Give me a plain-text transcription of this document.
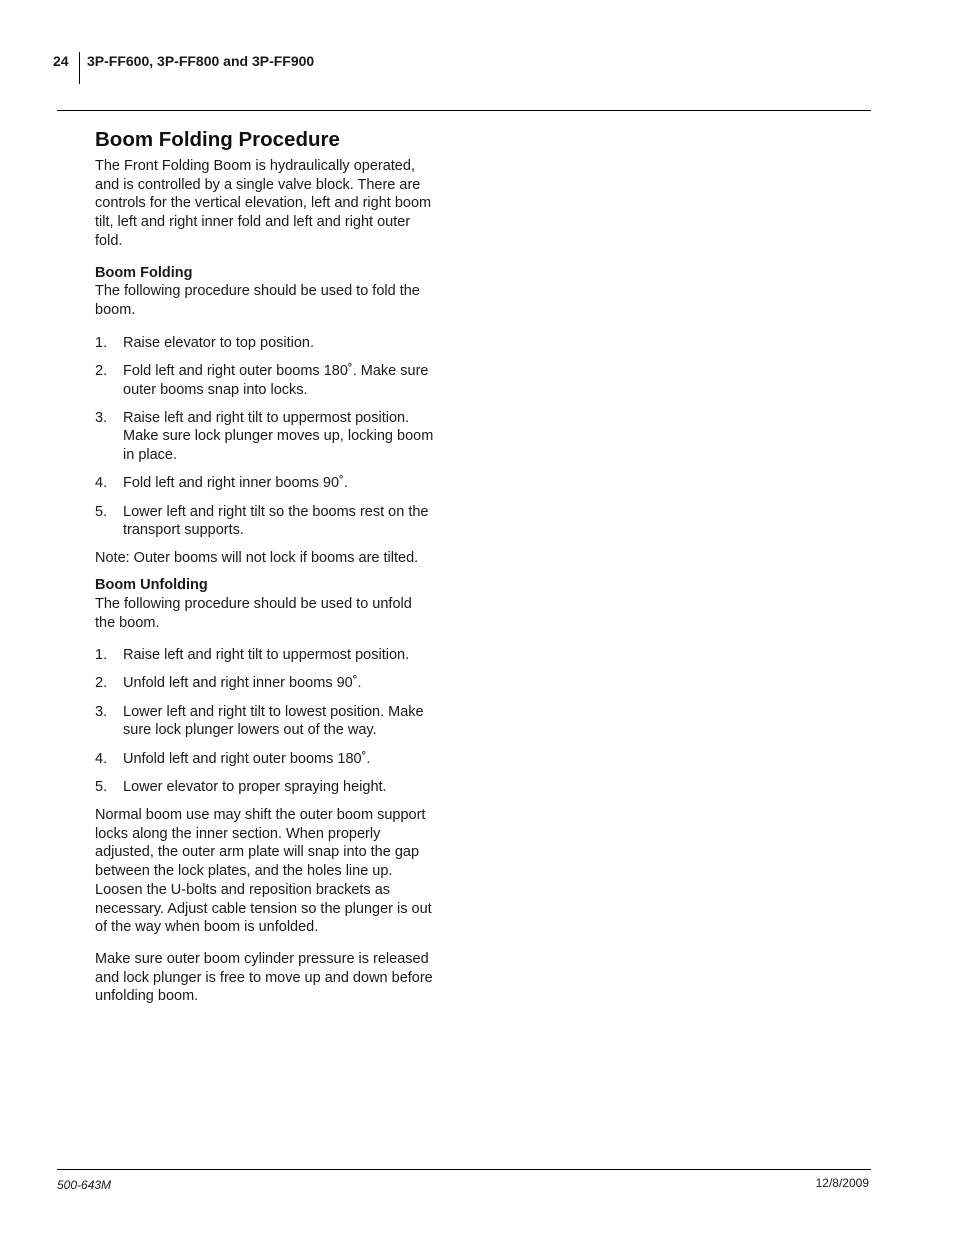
24 3P-FF600, 3P-FF800 and 3P-FF900
Boom Folding Procedure

The Front Folding Boom is hydraulically operated, and is controlled by a single valve block. There are controls for the vertical elevation, left and right boom tilt, left and right inner fold and left and right outer fold.

Boom Folding

The following procedure should be used to fold the boom.

1. Raise elevator to top position.
2. Fold left and right outer booms 180˚. Make sure outer booms snap into locks.
3. Raise left and right tilt to uppermost position. Make sure lock plunger moves up, locking boom in place.
4. Fold left and right inner booms 90˚.
5. Lower left and right tilt so the booms rest on the transport supports.

Note: Outer booms will not lock if booms are tilted.

Boom Unfolding

The following procedure should be used to unfold the boom.

1. Raise left and right tilt to uppermost position.
2. Unfold left and right inner booms 90˚.
3. Lower left and right tilt to lowest position. Make sure lock plunger lowers out of the way.
4. Unfold left and right outer booms 180˚.
5. Lower elevator to proper spraying height.

Normal boom use may shift the outer boom support locks along the inner section. When properly adjusted, the outer arm plate will snap into the gap between the lock plates, and the holes line up. Loosen the U-bolts and reposition brackets as necessary. Adjust cable tension so the plunger is out of the way when boom is unfolded.

Make sure outer boom cylinder pressure is released and lock plunger is free to move up and down before unfolding boom.

500-643M	12/8/2009
